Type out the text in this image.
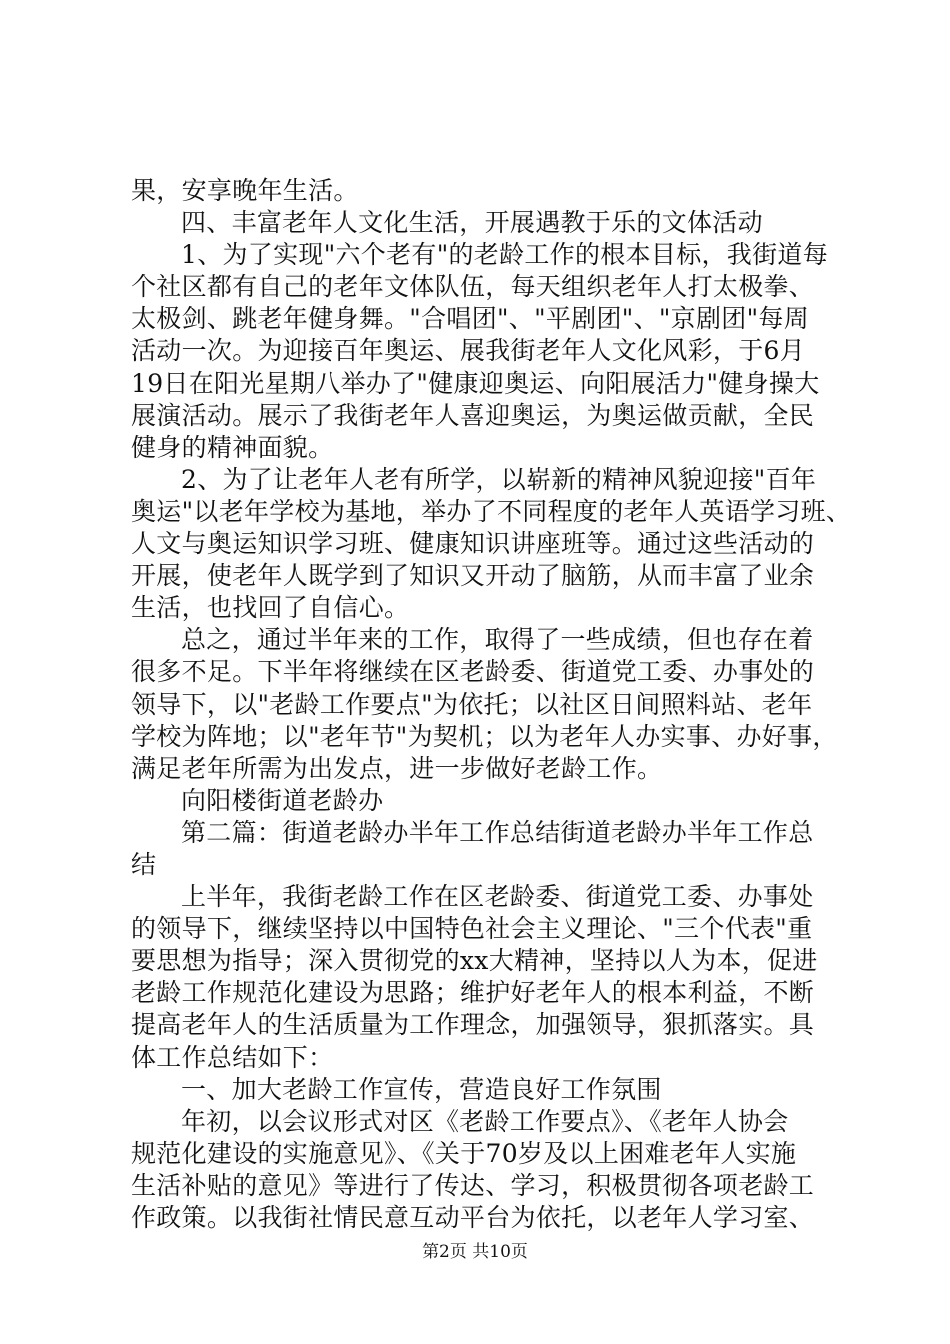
果，安享晚年生活。
四、丰富老年人文化生活，开展遇教于乐的文体活动
1、为了实现"六个老有"的老龄工作的根本目标，我街道每
个社区都有自己的老年文体队伍，每天组织老年人打太极拳、
太极剑、跳老年健身舞。"合唱团"、"平剧团"、"京剧团"每周
活动一次。为迎接百年奥运、展我街老年人文化风彩，于6月
19日在阳光星期八举办了"健康迎奥运、向阳展活力"健身操大
展演活动。展示了我街老年人喜迎奥运，为奥运做贡献，全民
健身的精神面貌。
2、为了让老年人老有所学，以崭新的精神风貌迎接"百年
奥运"以老年学校为基地，举办了不同程度的老年人英语学习班、
人文与奥运知识学习班、健康知识讲座班等。通过这些活动的
开展，使老年人既学到了知识又开动了脑筋，从而丰富了业余
生活，也找回了自信心。
总之，通过半年来的工作，取得了一些成绩，但也存在着
很多不足。下半年将继续在区老龄委、街道党工委、办事处的
领导下，以"老龄工作要点"为依托；以社区日间照料站、老年
学校为阵地；以"老年节"为契机；以为老年人办实事、办好事，
满足老年所需为出发点，进一步做好老龄工作。
向阳楼街道老龄办
第二篇：街道老龄办半年工作总结街道老龄办半年工作总
结
上半年，我街老龄工作在区老龄委、街道党工委、办事处
的领导下，继续坚持以中国特色社会主义理论、"三个代表"重
要思想为指导；深入贯彻党的xx大精神，坚持以人为本，促进
老龄工作规范化建设为思路；维护好老年人的根本利益，不断
提高老年人的生活质量为工作理念，加强领导，狠抓落实。具
体工作总结如下：
一、加大老龄工作宣传，营造良好工作氛围
年初，以会议形式对区《老龄工作要点》、《老年人协会
规范化建设的实施意见》、《关于70岁及以上困难老年人实施
生活补贴的意见》等进行了传达、学习，积极贯彻各项老龄工
作政策。以我街社情民意互动平台为依托，以老年人学习室、
第2页 共10页
